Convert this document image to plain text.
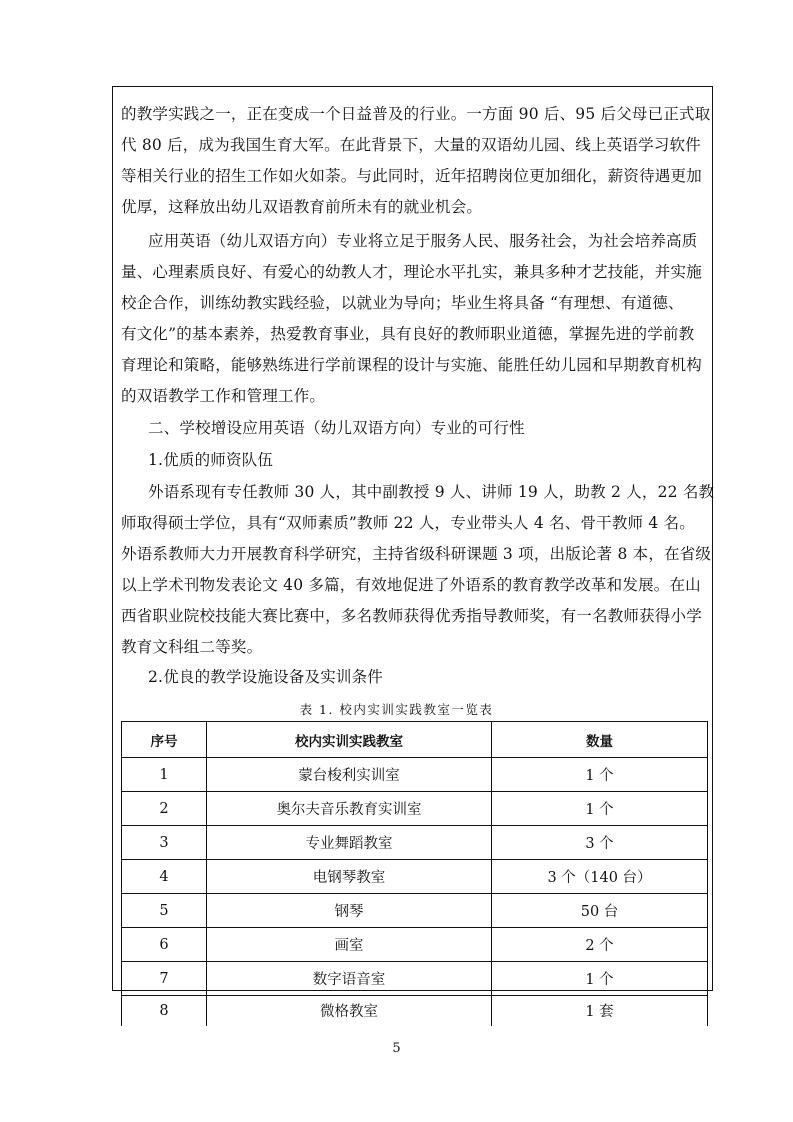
的教学实践之一，正在变成一个日益普及的行业。一方面 90 后、95 后父母已正式取
代 80 后，成为我国生育大军。在此背景下，大量的双语幼儿园、线上英语学习软件
等相关行业的招生工作如火如荼。与此同时，近年招聘岗位更加细化，薪资待遇更加
优厚，这释放出幼儿双语教育前所未有的就业机会。
应用英语（幼儿双语方向）专业将立足于服务人民、服务社会，为社会培养高质
量、心理素质良好、有爱心的幼教人才，理论水平扎实，兼具多种才艺技能，并实施
校企合作，训练幼教实践经验，以就业为导向；毕业生将具备 “有理想、有道德、
有文化”的基本素养，热爱教育事业，具有良好的教师职业道德，掌握先进的学前教
育理论和策略，能够熟练进行学前课程的设计与实施、能胜任幼儿园和早期教育机构
的双语教学工作和管理工作。
二、学校增设应用英语（幼儿双语方向）专业的可行性
1.优质的师资队伍
外语系现有专任教师 30 人，其中副教授 9 人、讲师 19 人，助教 2 人，22 名教
师取得硕士学位，具有“双师素质”教师 22 人，专业带头人 4 名、骨干教师 4 名。
外语系教师大力开展教育科学研究，主持省级科研课题 3 项，出版论著 8 本，在省级
以上学术刊物发表论文 40 多篇，有效地促进了外语系的教育教学改革和发展。在山
西省职业院校技能大赛比赛中，多名教师获得优秀指导教师奖，有一名教师获得小学
教育文科组二等奖。
2.优良的教学设施设备及实训条件
表 1. 校内实训实践教室一览表
序号	校内实训实践教室	数量
1	蒙台梭利实训室	1 个
2	奥尔夫音乐教育实训室	1 个
3	专业舞蹈教室	3 个
4	电钢琴教室	3 个（140 台）
5	钢琴	50 台
6	画室	2 个
7	数字语音室	1 个
8	微格教室	1 套
5
